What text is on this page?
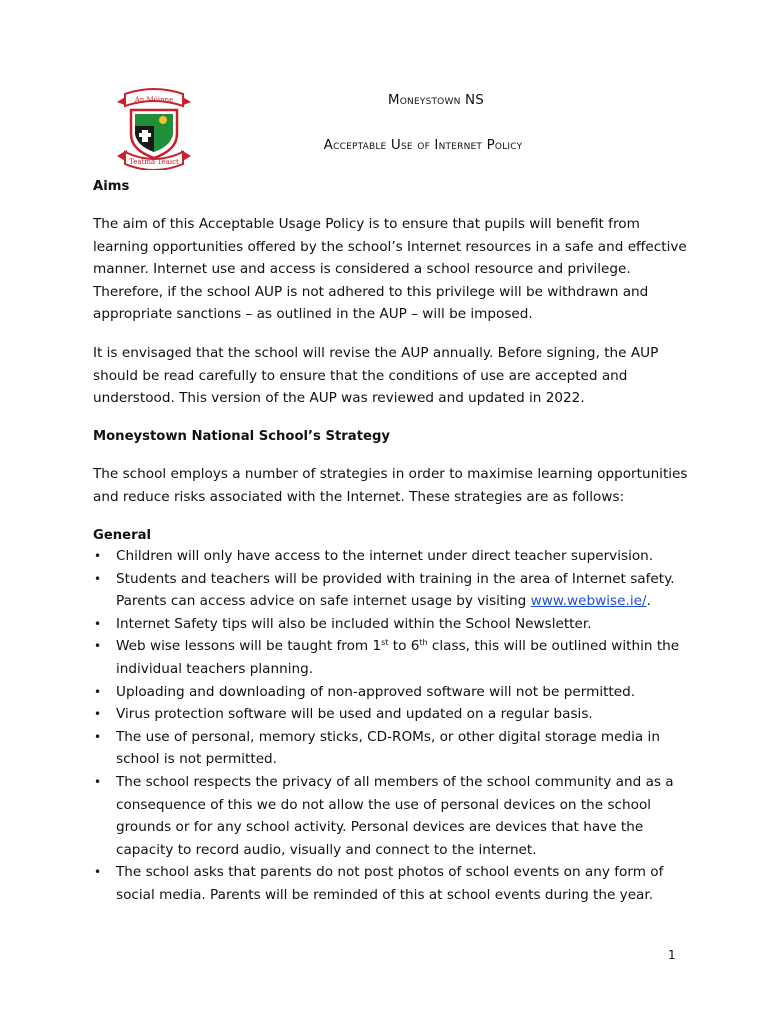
An Móinne
Teatma Teaict
Moneystown NS
Acceptable Use of Internet Policy
Aims
The aim of this Acceptable Usage Policy is to ensure that pupils will benefit from learning opportunities offered by the school’s Internet resources in a safe and effective manner. Internet use and access is considered a school resource and privilege. Therefore, if the school AUP is not adhered to this privilege will be withdrawn and appropriate sanctions – as outlined in the AUP – will be imposed.
It is envisaged that the school will revise the AUP annually. Before signing, the AUP should be read carefully to ensure that the conditions of use are accepted and understood. This version of the AUP was reviewed and updated in 2022.
Moneystown National School’s Strategy
The school employs a number of strategies in order to maximise learning opportunities and reduce risks associated with the Internet. These strategies are as follows:
General
• Children will only have access to the internet under direct teacher supervision.
• Students and teachers will be provided with training in the area of Internet safety. Parents can access advice on safe internet usage by visiting www.webwise.ie/.
• Internet Safety tips will also be included within the School Newsletter.
• Web wise lessons will be taught from 1st to 6th class, this will be outlined within the individual teachers planning.
• Uploading and downloading of non-approved software will not be permitted.
• Virus protection software will be used and updated on a regular basis.
• The use of personal, memory sticks, CD-ROMs, or other digital storage media in school is not permitted.
• The school respects the privacy of all members of the school community and as a consequence of this we do not allow the use of personal devices on the school grounds or for any school activity. Personal devices are devices that have the capacity to record audio, visually and connect to the internet.
• The school asks that parents do not post photos of school events on any form of social media. Parents will be reminded of this at school events during the year.
1
